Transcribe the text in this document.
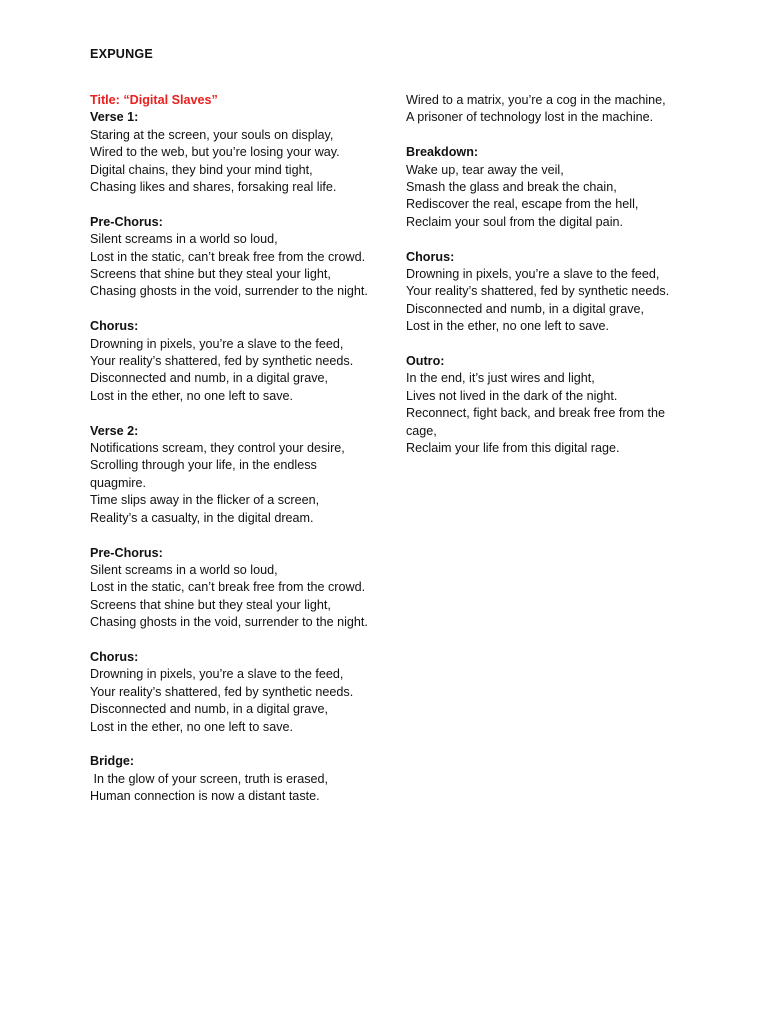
EXPUNGE
Title: “Digital Slaves”
Verse 1:
Staring at the screen, your souls on display,
Wired to the web, but you’re losing your way.
Digital chains, they bind your mind tight,
Chasing likes and shares, forsaking real life.
Pre-Chorus:
Silent screams in a world so loud,
Lost in the static, can’t break free from the crowd.
Screens that shine but they steal your light,
Chasing ghosts in the void, surrender to the night.
Chorus:
Drowning in pixels, you’re a slave to the feed,
Your reality’s shattered, fed by synthetic needs.
Disconnected and numb, in a digital grave,
Lost in the ether, no one left to save.
Verse 2:
Notifications scream, they control your desire,
Scrolling through your life, in the endless quagmire.
Time slips away in the flicker of a screen,
Reality’s a casualty, in the digital dream.
Pre-Chorus:
Silent screams in a world so loud,
Lost in the static, can’t break free from the crowd.
Screens that shine but they steal your light,
Chasing ghosts in the void, surrender to the night.
Chorus:
Drowning in pixels, you’re a slave to the feed,
Your reality’s shattered, fed by synthetic needs.
Disconnected and numb, in a digital grave,
Lost in the ether, no one left to save.
Bridge:
In the glow of your screen, truth is erased,
Human connection is now a distant taste.
Wired to a matrix, you’re a cog in the machine,
A prisoner of technology lost in the machine.
Breakdown:
Wake up, tear away the veil,
Smash the glass and break the chain,
Rediscover the real, escape from the hell,
Reclaim your soul from the digital pain.
Chorus:
Drowning in pixels, you’re a slave to the feed,
Your reality’s shattered, fed by synthetic needs.
Disconnected and numb, in a digital grave,
Lost in the ether, no one left to save.
Outro:
In the end, it’s just wires and light,
Lives not lived in the dark of the night.
Reconnect, fight back, and break free from the cage,
Reclaim your life from this digital rage.
